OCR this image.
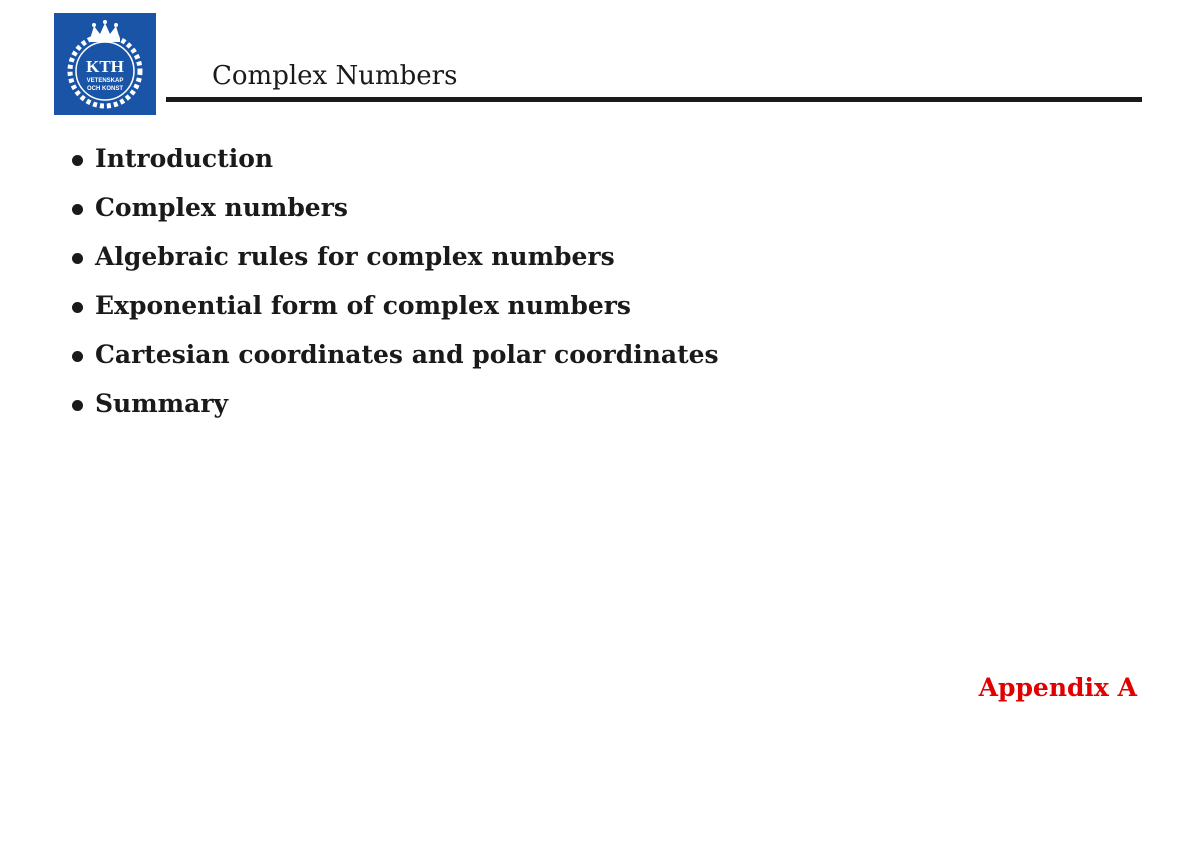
KTH
VETENSKAP
OCH KONST	Complex Numbers
Introduction
Complex numbers
Algebraic rules for complex numbers
Exponential form of complex numbers
Cartesian coordinates and polar coordinates
Summary
Appendix A
